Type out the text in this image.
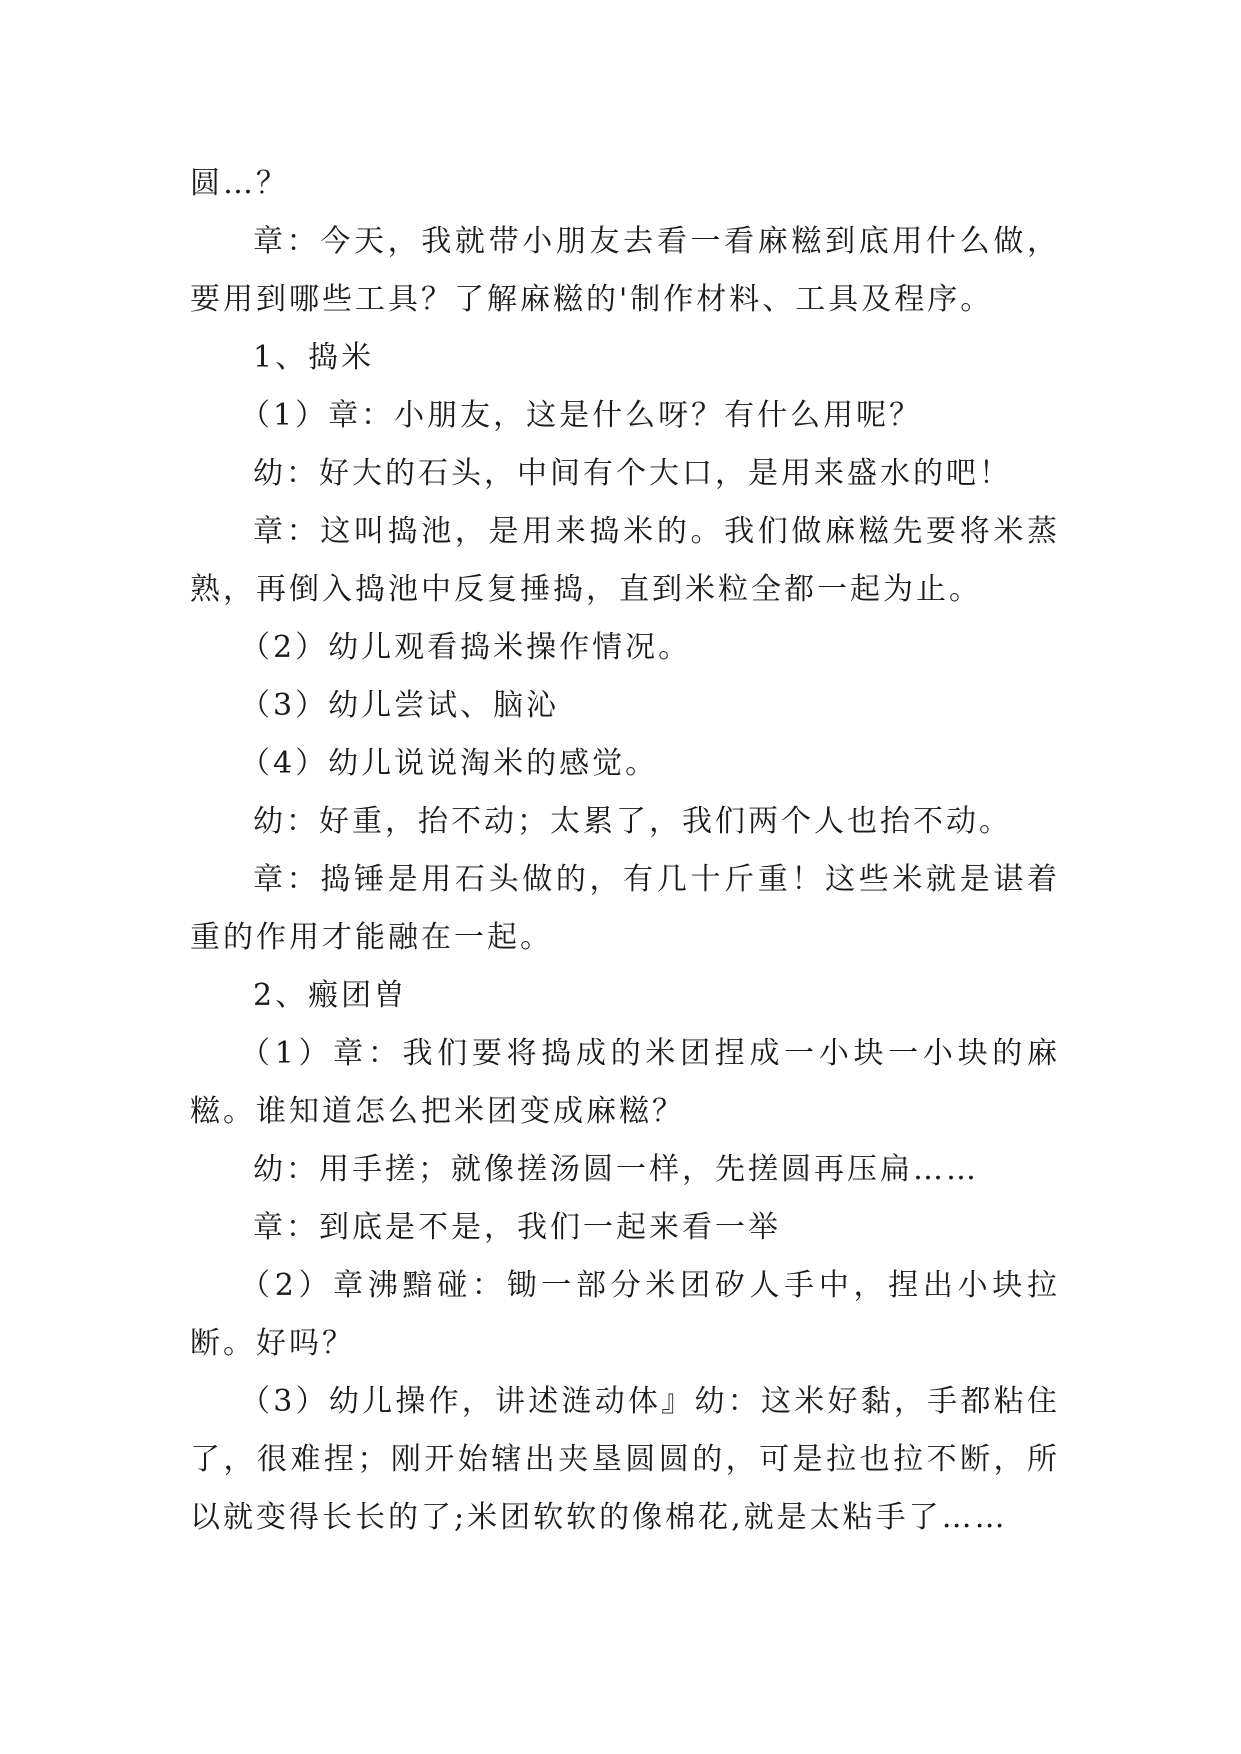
圆…？

章：今天，我就带小朋友去看一看麻糍到底用什么做，要用到哪些工具？了解麻糍的'制作材料、工具及程序。

1、捣米

（1）章：小朋友，这是什么呀？有什么用呢？

幼：好大的石头，中间有个大口，是用来盛水的吧！

章：这叫捣池，是用来捣米的。我们做麻糍先要将米蒸熟，再倒入捣池中反复捶捣，直到米粒全都一起为止。

（2）幼儿观看捣米操作情况。

（3）幼儿尝试、脑沁

（4）幼儿说说淘米的感觉。

幼：好重，抬不动；太累了，我们两个人也抬不动。

章：捣锤是用石头做的，有几十斤重！这些米就是谌着重的作用才能融在一起。

2、瘢团曽

（1）章：我们要将捣成的米团捏成一小块一小块的麻糍。谁知道怎么把米团变成麻糍？

幼：用手搓；就像搓汤圆一样，先搓圆再压扁……

章：到底是不是，我们一起来看一举

（2）章沸黯碰：锄一部分米团矽人手中，捏出小块拉断。好吗？

（3）幼儿操作，讲述涟动体』幼：这米好黏，手都粘住了，很难捏；刚开始辖出夹垦圆圆的，可是拉也拉不断，所以就变得长长的了;米团软软的像棉花,就是太粘手了……
